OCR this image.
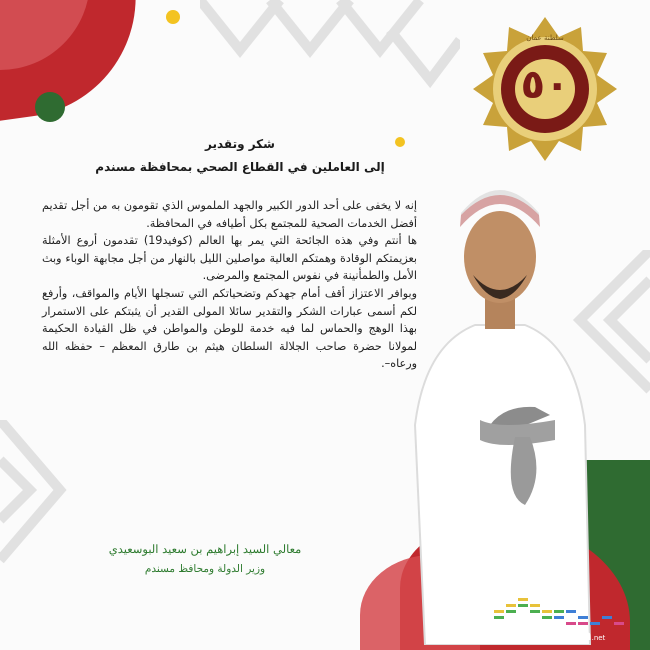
٥٠
سلطنة عمان
شكر وتقدير
إلى العاملين في القطاع الصحي بمحافظة مسندم

إنه لا يخفى على أحد الدور الكبير والجهد الملموس الذي تقومون به من أجل تقديم أفضل الخدمات الصحية للمجتمع بكل أطيافه في المحافظة.

ها أنتم وفي هذه الجائحة التي يمر بها العالم (كوفيد19) تقدمون أروع الأمثلة بعزيمتكم الوقادة وهمتكم العالية مواصلين الليل بالنهار من أجل مجابهة الوباء وبث الأمل والطمأنينة في نفوس المجتمع والمرضى.

وبوافر الاعتزاز أقف أمام جهدكم وتضحياتكم التي تسجلها الأيام والمواقف، وأرفع لكم أسمى عبارات الشكر والتقدير سائلا المولى القدير أن يثبتكم على الاستمرار بهذا الوهج والحماس لما فيه خدمة للوطن والمواطن في ظل القيادة الحكيمة لمولانا حضرة صاحب الجلالة السلطان هيثم بن طارق المعظم – حفظه الله ورعاه–.

معالي السيد إبراهيم بن سعيد البوسعيدي
وزير الدولة ومحافظ مسندم
Musandam.net
